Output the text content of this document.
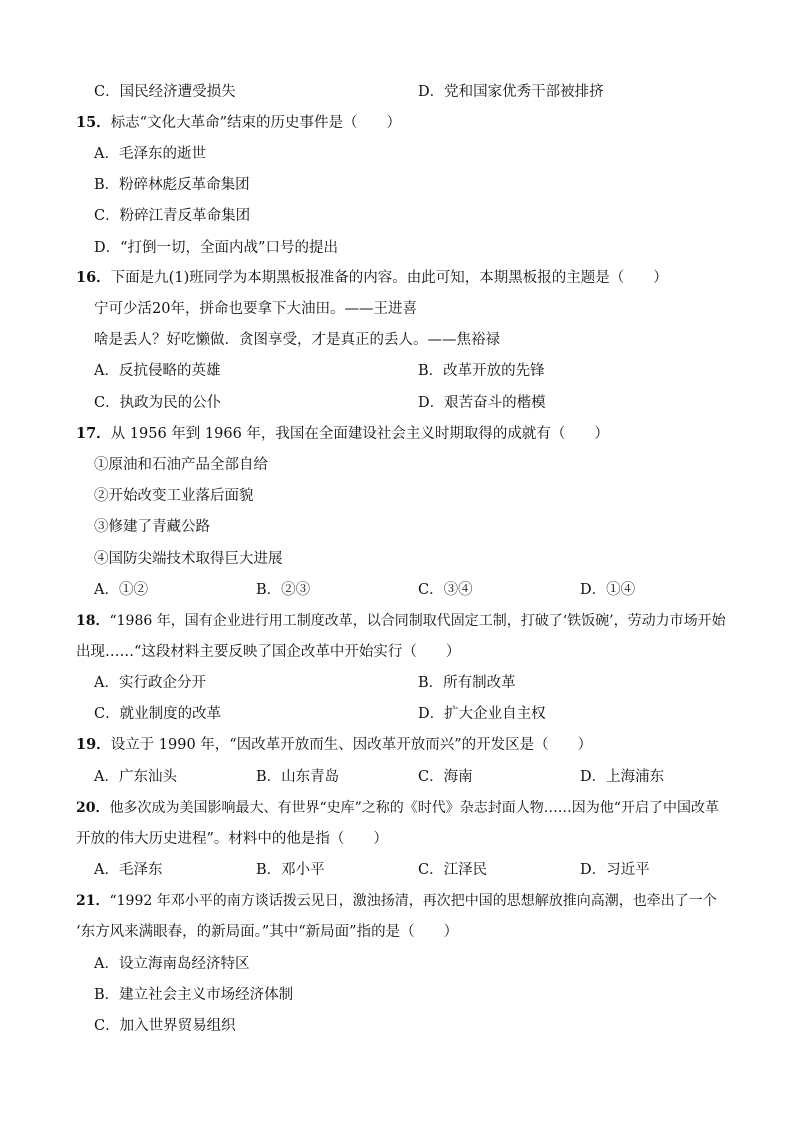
C．国民经济遭受损失	D．党和国家优秀干部被排挤
15．标志“文化大革命”结束的历史事件是（　　）
A．毛泽东的逝世
B．粉碎林彪反革命集团
C．粉碎江青反革命集团
D．“打倒一切，全面内战”口号的提出
16．下面是九(1)班同学为本期黑板报准备的内容。由此可知，本期黑板报的主题是（　　）
宁可少活20年，拼命也要拿下大油田。——王进喜
啥是丢人？好吃懒做．贪图享受，才是真正的丢人。——焦裕禄
A．反抗侵略的英雄	B．改革开放的先锋
C．执政为民的公仆	D．艰苦奋斗的楷模
17．从 1956 年到 1966 年，我国在全面建设社会主义时期取得的成就有（　　）
①原油和石油产品全部自给
②开始改变工业落后面貌
③修建了青藏公路
④国防尖端技术取得巨大进展
A．①②	B．②③	C．③④	D．①④
18．“1986 年，国有企业进行用工制度改革，以合同制取代固定工制，打破了‘铁饭碗’，劳动力市场开始
出现……“这段材料主要反映了国企改革中开始实行（　　）
A．实行政企分开	B．所有制改革
C．就业制度的改革	D．扩大企业自主权
19．设立于 1990 年，“因改革开放而生、因改革开放而兴”的开发区是（　　）
A．广东汕头	B．山东青岛	C．海南	D．上海浦东
20．他多次成为美国影响最大、有世界“史库”之称的《时代》杂志封面人物……因为他“开启了中国改革
开放的伟大历史进程”。材料中的他是指（　　）
A．毛泽东	B．邓小平	C．江泽民	D．习近平
21．“1992 年邓小平的南方谈话拨云见日，激浊扬清，再次把中国的思想解放推向高潮，也牵出了一个
‘东方风来满眼春，的新局面。”其中“新局面”指的是（　　）
A．设立海南岛经济特区
B．建立社会主义市场经济体制
C．加入世界贸易组织
